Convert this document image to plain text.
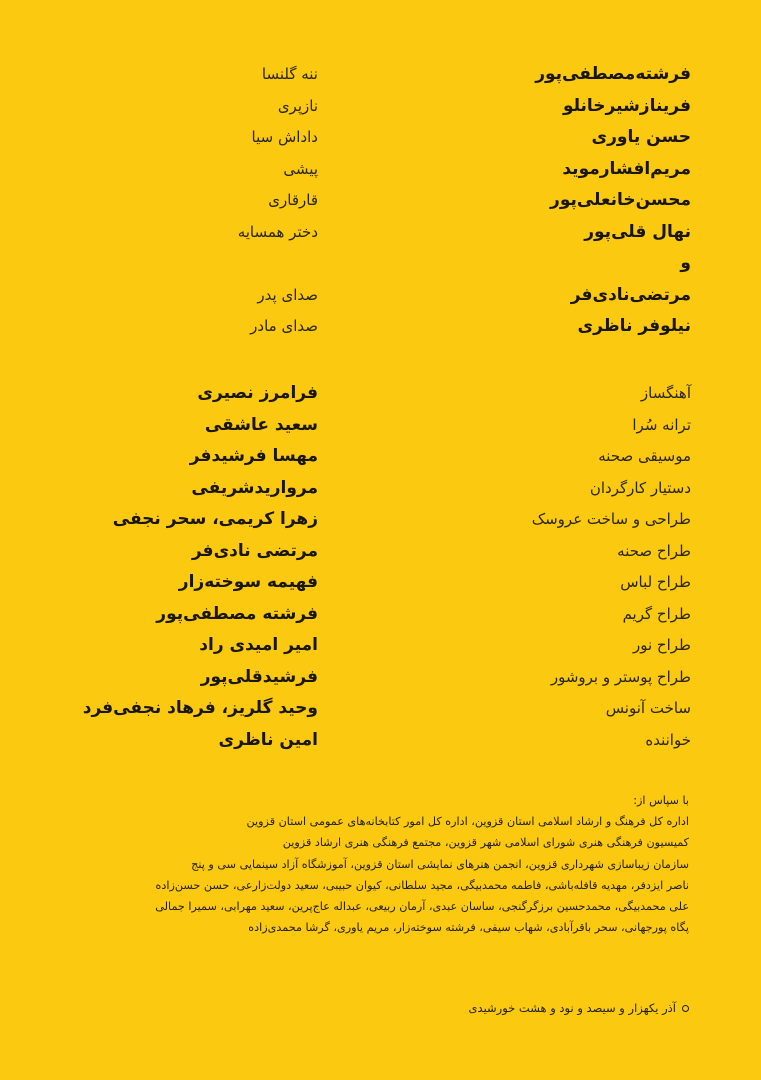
فرشته‌مصطفی‌پور
ننه گلنسا
فریناز‌شیرخانلو
نازپری
حسن یاوری
داداش سیا
مریم‌افشارموید
پیشی
محسن‌خانعلی‌پور
قارقاری
نهال قلی‌پور
دختر همسایه
و
مرتضی‌نادی‌فر
صدای پدر
نیلوفر ناظری
صدای مادر
آهنگساز
فرامرز نصیری
ترانه سُرا
سعید عاشقی
موسیقی صحنه
مهسا فرشیدفر
دستیار کارگردان
مروارید‌شریفی
طراحی و ساخت عروسک
زهرا کریمی، سحر نجفی
طراح صحنه
مرتضی نادی‌فر
طراح لباس
فهیمه سوخته‌زار
طراح گریم
فرشته مصطفی‌پور
طراح نور
امیر امیدی راد
طراح پوستر و بروشور
فرشید‌قلی‌پور
ساخت آنونس
وحید گلریز، فرهاد نجفی‌فرد
خواننده
امین ناظری
با سپاس از:
اداره کل فرهنگ و ارشاد اسلامی استان قزوین، اداره کل امور کتابخانه‌های عمومی استان قزوین
کمیسیون فرهنگی هنری شورای اسلامی شهر قزوین، مجتمع فرهنگی هنری ارشاد قزوین
سازمان زیباسازی شهرداری قزوین، انجمن هنرهای نمایشی استان قزوین، آموزشگاه آزاد سینمایی سی و پنج
ناصر ایزدفر، مهدیه قافله‌باشی، فاطمه محمدبیگی، مجید سلطانی، کیوان حبیبی، سعید دولت‌زارعی، حسن حسن‌زاده
علی محمدبیگی، محمدحسین برزگر‌گنجی، ساسان عبدی، آرمان ربیعی، عبداله عاج‌پرین، سعید مهرابی، سمیرا جمالی
پگاه پورجهانی، سحر باقرآبادی، شهاب سیفی، فرشته سوخته‌زار، مریم یاوری، گرشا محمدی‌زاده
آذر یکهزار و سیصد و نود و هشت خورشیدی
